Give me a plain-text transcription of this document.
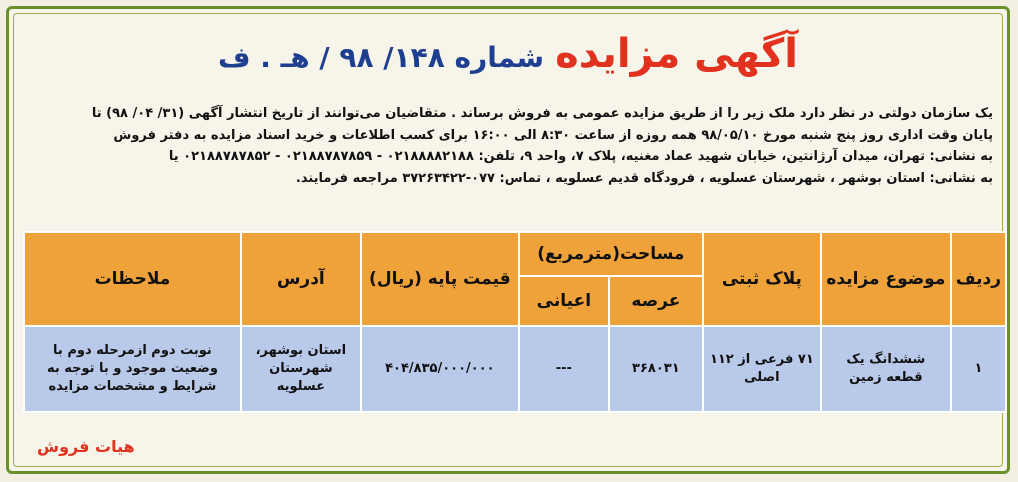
آگهی مزایده شماره ۱۴۸/ ۹۸ / هـ . ف

یک سازمان دولتی در نظر دارد ملک زیر را از طریق مزایده عمومی به فروش برساند . متقاضیان می‌توانند از تاریخ انتشار آگهی (۳۱/ ۰۴/ ۹۸) تا

پایان وقت اداری روز پنج شنبه مورخ ۹۸/۰۵/۱۰ همه روزه از ساعت ۸:۳۰ الی ۱۶:۰۰ برای کسب اطلاعات و خرید اسناد مزایده به دفتر فروش

به نشانی: تهران، میدان آرژانتین، خیابان شهید عماد مغنیه، پلاک ۷، واحد ۹، تلفن: ۰۲۱۸۸۸۸۲۱۸۸ - ۰۲۱۸۸۷۸۷۸۵۹ - ۰۲۱۸۸۷۸۷۸۵۲ یا

به نشانی: استان بوشهر ، شهرستان عسلویه ، فرودگاه قدیم عسلویه ، تماس: ۰۷۷-۳۷۲۶۳۴۲۲ مراجعه فرمایند.

ردیف	موضوع مزایده	پلاک ثبتی	مساحت(مترمربع)		قیمت پایه (ریال)	آدرس	ملاحظات
			عرصه	اعیانی			
۱	ششدانگ یک قطعه زمین	۷۱ فرعی از ۱۱۲ اصلی	۳۶۸۰۳۱	---	۴۰۴/۸۳۵/۰۰۰/۰۰۰	استان بوشهر، شهرستان عسلویه	نوبت دوم ازمرحله دوم با وضعیت موجود و با توجه به شرایط و مشخصات مزایده
هیات فروش
